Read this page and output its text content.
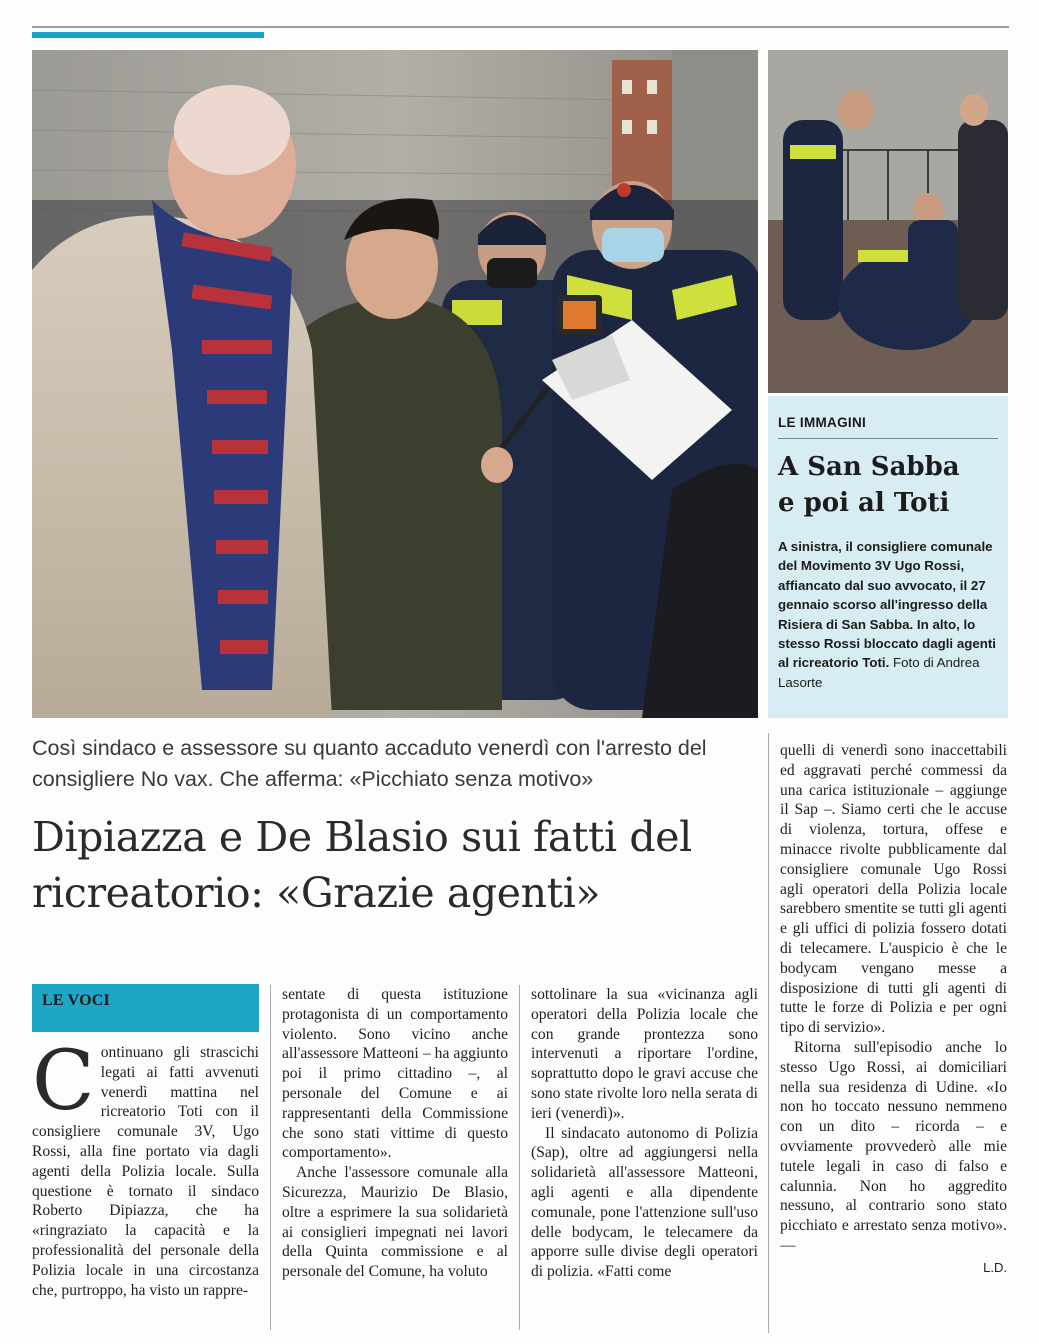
LE IMMAGINI
A San Sabba
e poi al Toti
A sinistra, il consigliere comunale del Movimento 3V Ugo Rossi, affiancato dal suo avvocato, il 27 gennaio scorso all'ingresso della Risiera di San Sabba. In alto, lo stesso Rossi bloccato dagli agenti al ricreatorio Toti. Foto di Andrea Lasorte
Così sindaco e assessore su quanto accaduto venerdì con l'arresto del consigliere No vax. Che afferma: «Picchiato senza motivo»
Dipiazza e De Blasio sui fatti del ricreatorio: «Grazie agenti»
LE VOCI

Continuano gli strascichi legati ai fatti avvenuti venerdì mattina nel ricreatorio Toti con il consigliere comunale 3V, Ugo Rossi, alla fine portato via dagli agenti della Polizia locale. Sulla questione è tornato il sindaco Roberto Dipiazza, che ha «ringraziato la capacità e la professionalità del personale della Polizia locale in una circostanza che, purtroppo, ha visto un rappre-

sentate di questa istituzione protagonista di un comportamento violento. Sono vicino anche all'assessore Matteoni – ha aggiunto poi il primo cittadino –, al personale del Comune e ai rappresentanti della Commissione che sono stati vittime di questo comportamento».

Anche l'assessore comunale alla Sicurezza, Maurizio De Blasio, oltre a esprimere la sua solidarietà ai consiglieri impegnati nei lavori della Quinta commissione e al personale del Comune, ha voluto

sottolinare la sua «vicinanza agli operatori della Polizia locale che con grande prontezza sono intervenuti a riportare l'ordine, soprattutto dopo le gravi accuse che sono state rivolte loro nella serata di ieri (venerdì)».

Il sindacato autonomo di Polizia (Sap), oltre ad aggiungersi nella solidarietà all'assessore Matteoni, agli agenti e alla dipendente comunale, pone l'attenzione sull'uso delle bodycam, le telecamere da apporre sulle divise degli operatori di polizia. «Fatti come

quelli di venerdì sono inaccettabili ed aggravati perché commessi da una carica istituzionale – aggiunge il Sap –. Siamo certi che le accuse di violenza, tortura, offese e minacce rivolte pubblicamente dal consigliere comunale Ugo Rossi agli operatori della Polizia locale sarebbero smentite se tutti gli agenti e gli uffici di polizia fossero dotati di telecamere. L'auspicio è che le bodycam vengano messe a disposizione di tutti gli agenti di tutte le forze di Polizia e per ogni tipo di servizio».

Ritorna sull'episodio anche lo stesso Ugo Rossi, ai domiciliari nella sua residenza di Udine. «Io non ho toccato nessuno nemmeno con un dito – ricorda – e ovviamente provvederò alle mie tutele legali in caso di falso e calunnia. Non ho aggredito nessuno, al contrario sono stato picchiato e arrestato senza motivo». —

L.D.
